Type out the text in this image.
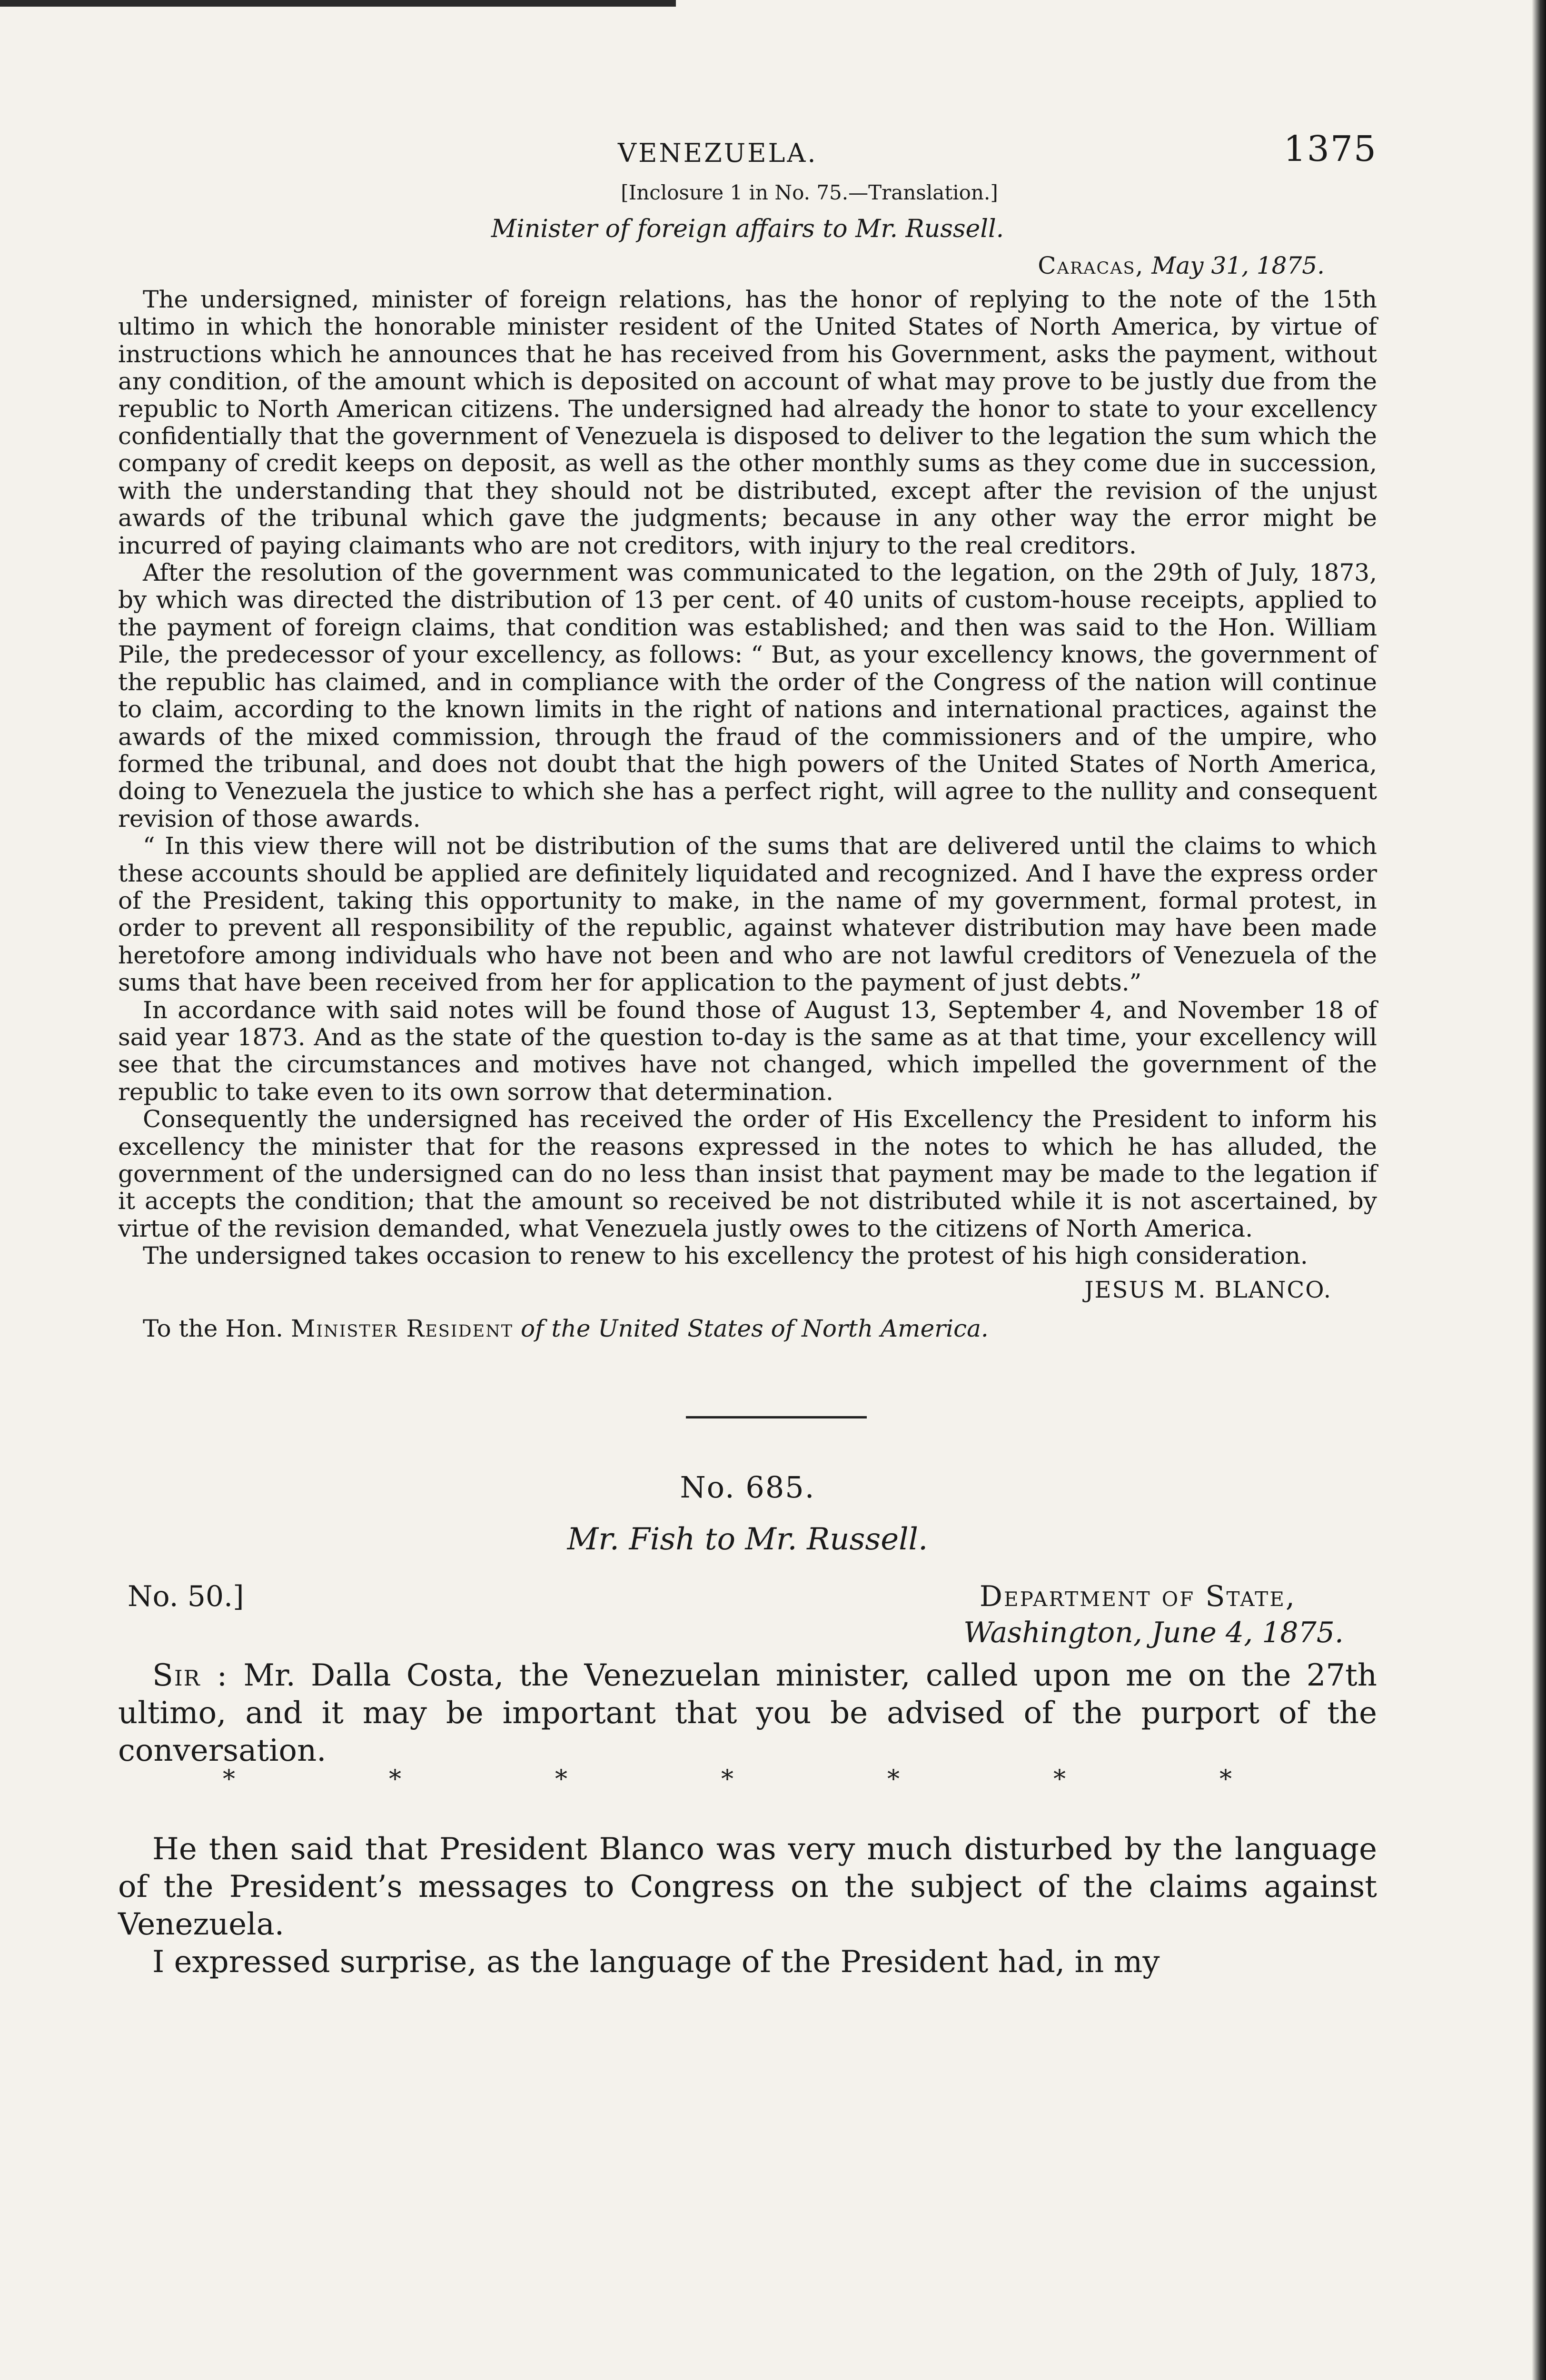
VENEZUELA.	1375
[Inclosure 1 in No. 75.—Translation.]
Minister of foreign affairs to Mr. Russell.
Caracas, May 31, 1875.

The undersigned, minister of foreign relations, has the honor of replying to the note of the 15th ultimo in which the honorable minister resident of the United States of North America, by virtue of instructions which he announces that he has received from his Government, asks the payment, without any condition, of the amount which is deposited on account of what may prove to be justly due from the republic to North American citizens. The undersigned had already the honor to state to your excellency confidentially that the government of Venezuela is disposed to deliver to the legation the sum which the company of credit keeps on deposit, as well as the other monthly sums as they come due in succession, with the understanding that they should not be distributed, except after the revision of the unjust awards of the tribunal which gave the judgments; because in any other way the error might be incurred of paying claimants who are not creditors, with injury to the real creditors.

After the resolution of the government was communicated to the legation, on the 29th of July, 1873, by which was directed the distribution of 13 per cent. of 40 units of custom-house receipts, applied to the payment of foreign claims, that condition was established; and then was said to the Hon. William Pile, the predecessor of your excellency, as follows: “ But, as your excellency knows, the government of the republic has claimed, and in compliance with the order of the Congress of the nation will continue to claim, according to the known limits in the right of nations and international practices, against the awards of the mixed commission, through the fraud of the commissioners and of the umpire, who formed the tribunal, and does not doubt that the high powers of the United States of North America, doing to Venezuela the justice to which she has a perfect right, will agree to the nullity and consequent revision of those awards.

“ In this view there will not be distribution of the sums that are delivered until the claims to which these accounts should be applied are definitely liquidated and recognized. And I have the express order of the President, taking this opportunity to make, in the name of my government, formal protest, in order to prevent all responsibility of the republic, against whatever distribution may have been made heretofore among individuals who have not been and who are not lawful creditors of Venezuela of the sums that have been received from her for application to the payment of just debts.”

In accordance with said notes will be found those of August 13, September 4, and November 18 of said year 1873. And as the state of the question to-day is the same as at that time, your excellency will see that the circumstances and motives have not changed, which impelled the government of the republic to take even to its own sorrow that determination.

Consequently the undersigned has received the order of His Excellency the President to inform his excellency the minister that for the reasons expressed in the notes to which he has alluded, the government of the undersigned can do no less than insist that payment may be made to the legation if it accepts the condition; that the amount so received be not distributed while it is not ascertained, by virtue of the revision demanded, what Venezuela justly owes to the citizens of North America.

The undersigned takes occasion to renew to his excellency the protest of his high consideration.

JESUS M. BLANCO.
To the Hon. Minister Resident of the United States of North America.
No. 685.
Mr. Fish to Mr. Russell.
No. 50.]	Department of State,
Washington, June 4, 1875.

Sir : Mr. Dalla Costa, the Venezuelan minister, called upon me on the 27th ultimo, and it may be important that you be advised of the purport of the conversation.

*	*	*	*	*	*	*

He then said that President Blanco was very much disturbed by the language of the President’s messages to Congress on the subject of the claims against Venezuela.

I expressed surprise, as the language of the President had, in my
